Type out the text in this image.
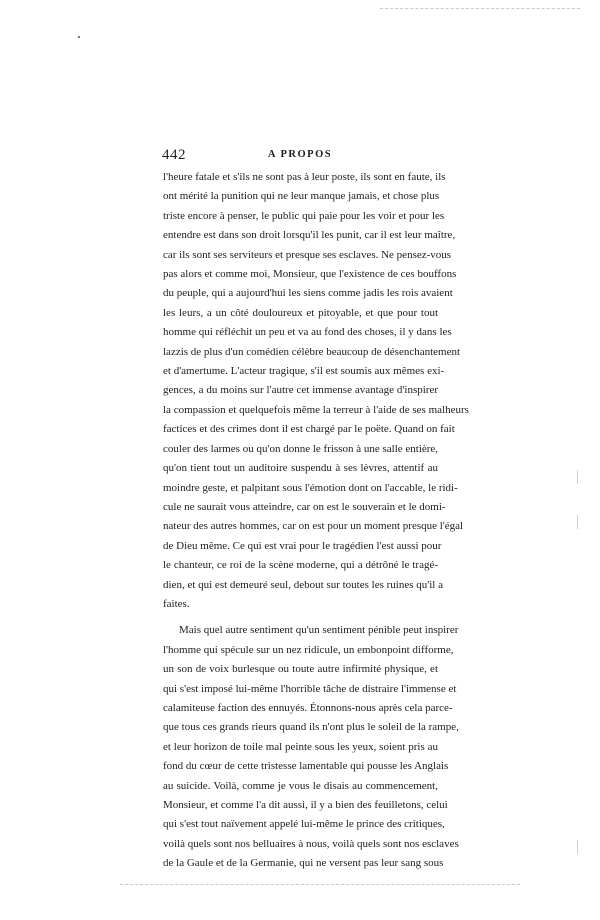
442	A PROPOS
l'heure fatale et s'ils ne sont pas à leur poste, ils sont en faute, ils
ont mérité la punition qui ne leur manque jamais, et chose plus
triste encore à penser, le public qui paie pour les voir et pour les
entendre est dans son droit lorsqu'il les punit, car il est leur maître,
car ils sont ses serviteurs et presque ses esclaves. Ne pensez-vous
pas alors et comme moi, Monsieur, que l'existence de ces bouffons
du peuple, qui a aujourd'hui les siens comme jadis les rois avaient
les leurs, a un côté douloureux et pitoyable, et que pour tout
homme qui réfléchit un peu et va au fond des choses, il y dans les
lazzis de plus d'un comédien célèbre beaucoup de désenchantement
et d'amertume. L'acteur tragique, s'il est soumis aux mêmes exi-
gences, a du moins sur l'autre cet immense avantage d'inspirer
la compassion et quelquefois même la terreur à l'aide de ses malheurs
factices et des crimes dont il est chargé par le poëte. Quand on fait
couler des larmes ou qu'on donne le frisson à une salle entière,
qu'on tient tout un auditoire suspendu à ses lèvres, attentif au
moindre geste, et palpitant sous l'émotion dont on l'accable, le ridi-
cule ne saurait vous atteindre, car on est le souverain et le domi-
nateur des autres hommes, car on est pour un moment presque l'égal
de Dieu même. Ce qui est vrai pour le tragédien l'est aussi pour
le chanteur, ce roi de la scène moderne, qui a détrôné le tragé-
dien, et qui est demeuré seul, debout sur toutes les ruines qu'il a
faites.
Mais quel autre sentiment qu'un sentiment pénible peut inspirer
l'homme qui spécule sur un nez ridicule, un embonpoint difforme,
un son de voix burlesque ou toute autre infirmité physique, et
qui s'est imposé lui-même l'horrible tâche de distraire l'immense et
calamiteuse faction des ennuyés. Étonnons-nous après cela parce-
que tous ces grands rieurs quand ils n'ont plus le soleil de la rampe,
et leur horizon de toile mal peinte sous les yeux, soient pris au
fond du cœur de cette tristesse lamentable qui pousse les Anglais
au suicide. Voilà, comme je vous le disais au commencement,
Monsieur, et comme l'a dit aussi, il y a bien des feuilletons, celui
qui s'est tout naïvement appelé lui-même le prince des critiques,
voilà quels sont nos belluaires à nous, voilà quels sont nos esclaves
de la Gaule et de la Germanie, qui ne versent pas leur sang sous
